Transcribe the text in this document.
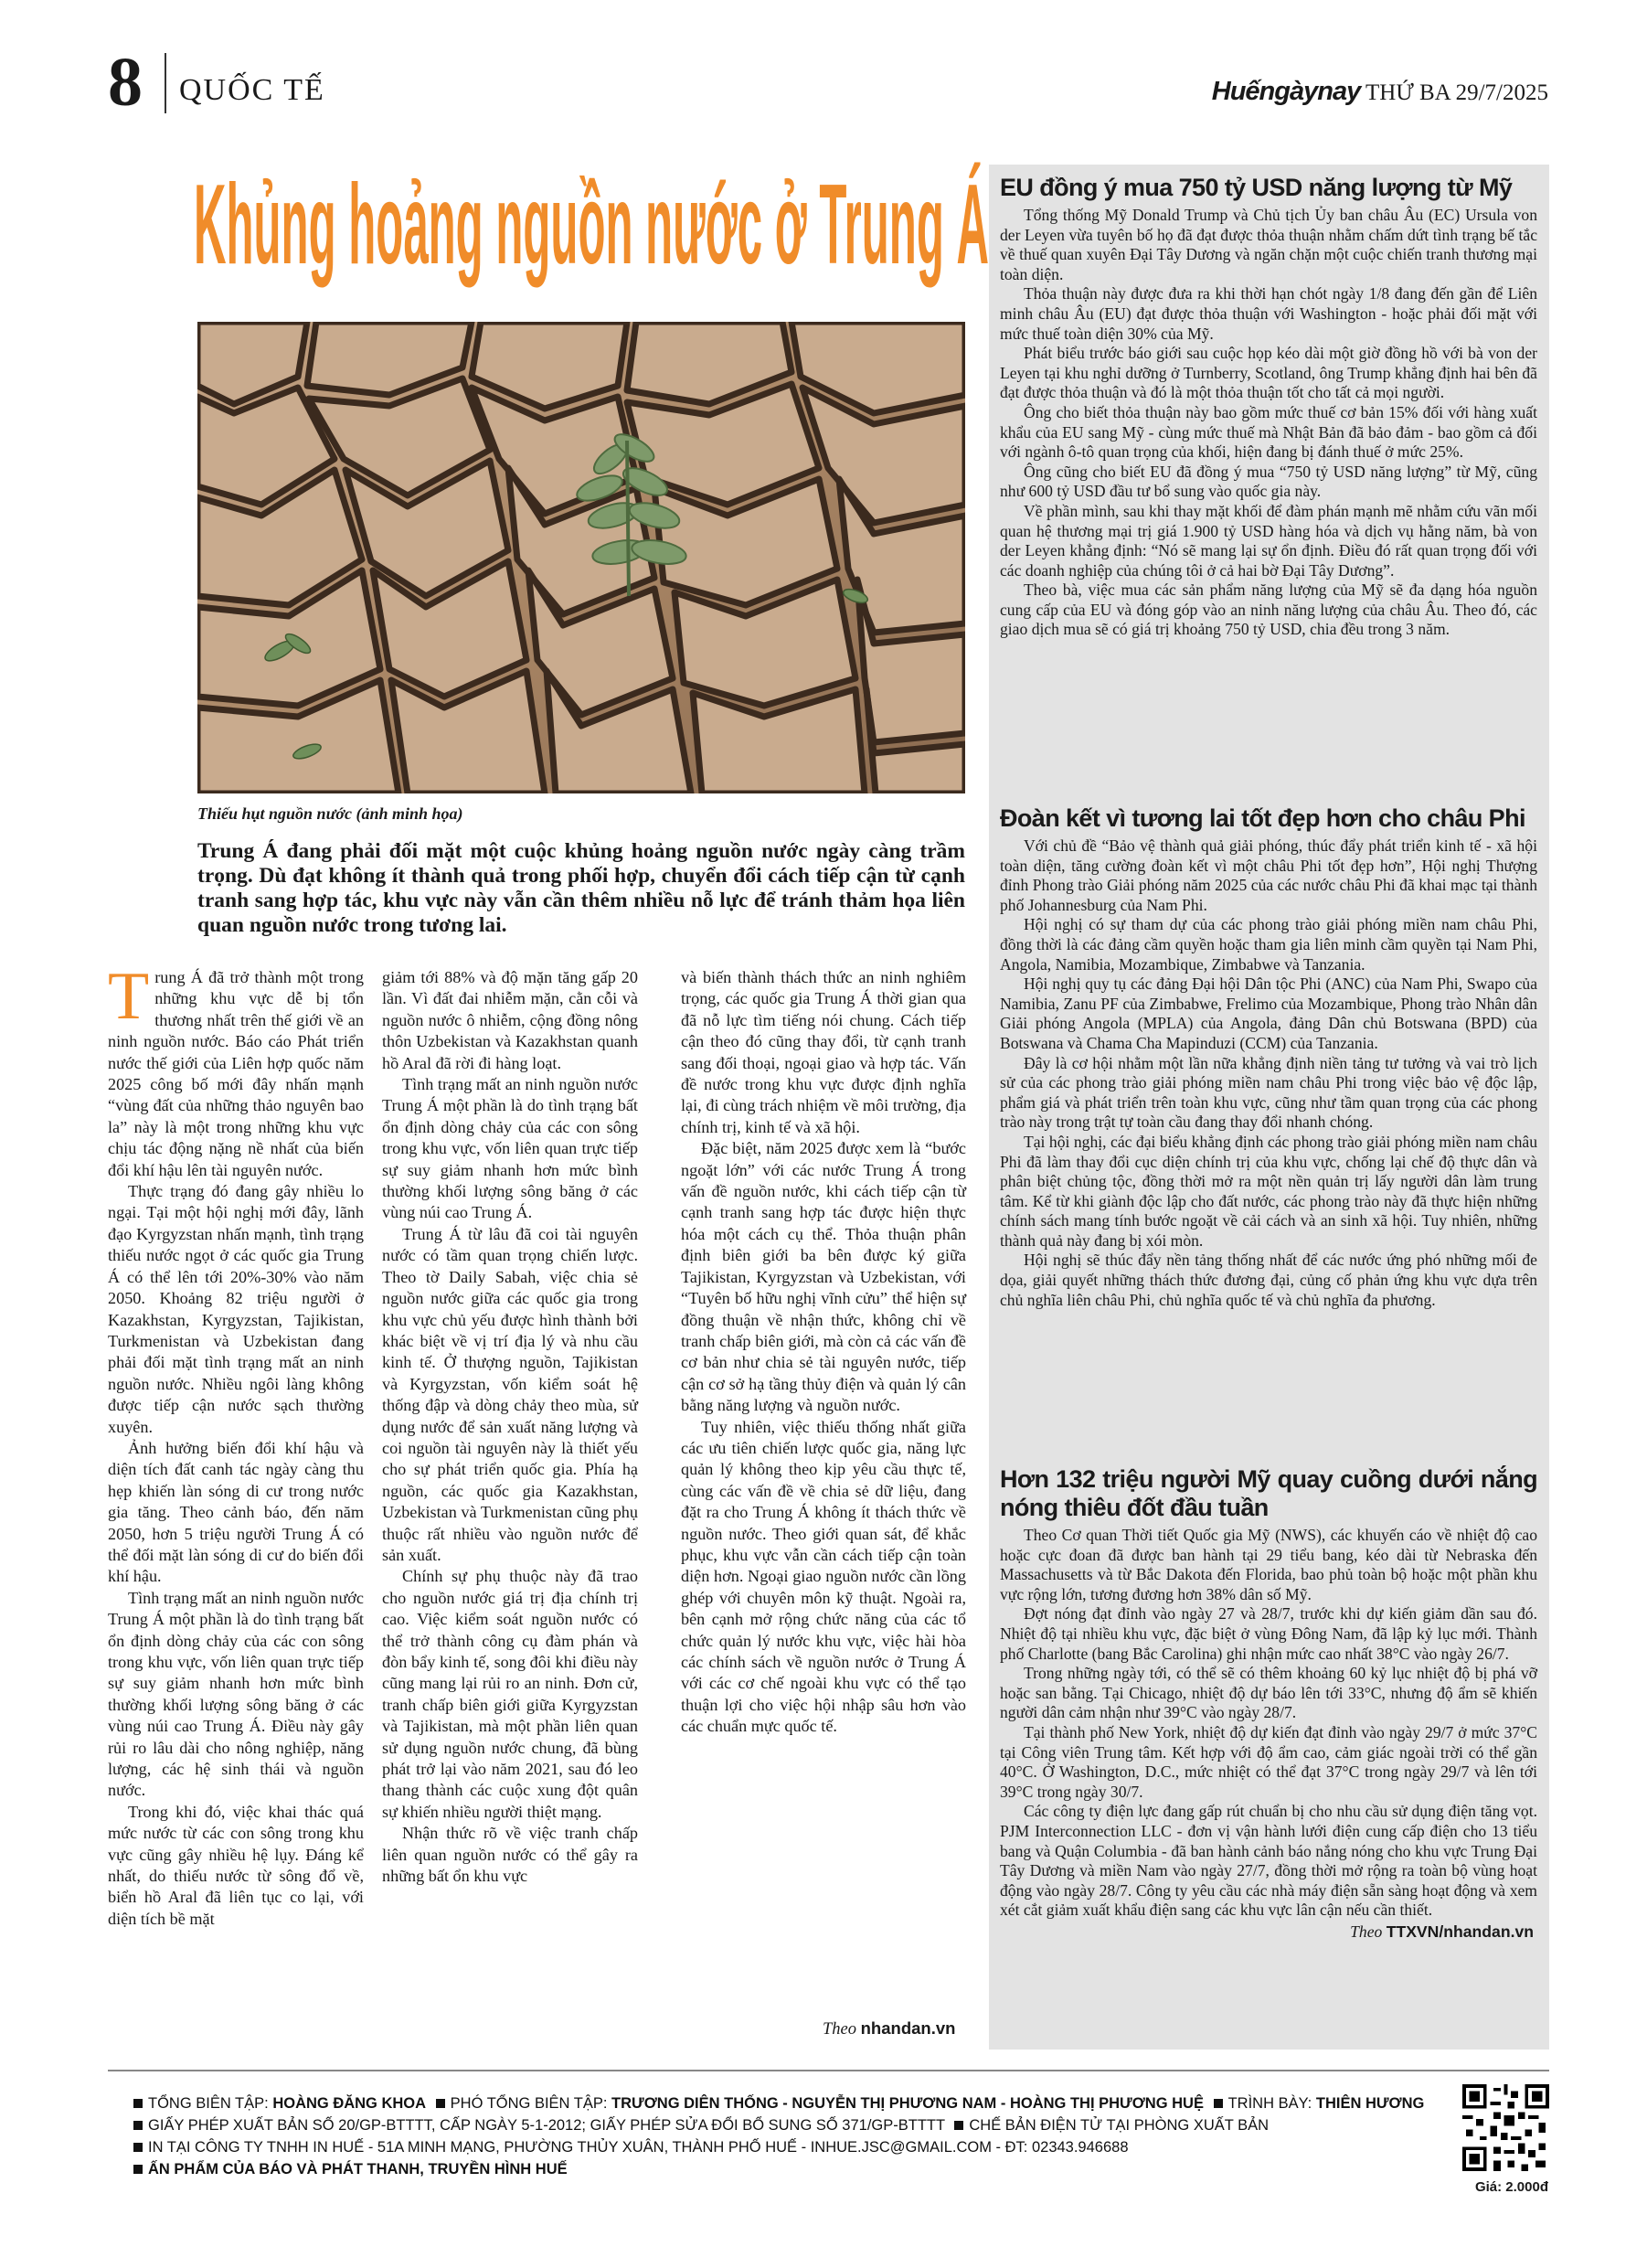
8 QUỐC TẾ	Huếngàynay THỨ BA 29/7/2025
Khủng hoảng nguồn nước ở Trung Á
Thiếu hụt nguồn nước (ảnh minh họa)
Trung Á đang phải đối mặt một cuộc khủng hoảng nguồn nước ngày càng trầm trọng. Dù đạt không ít thành quả trong phối hợp, chuyển đổi cách tiếp cận từ cạnh tranh sang hợp tác, khu vực này vẫn cần thêm nhiều nỗ lực để tránh thảm họa liên quan nguồn nước trong tương lai.

Trung Á đã trở thành một trong những khu vực dễ bị tổn thương nhất trên thế giới về an ninh nguồn nước. Báo cáo Phát triển nước thế giới của Liên hợp quốc năm 2025 công bố mới đây nhấn mạnh “vùng đất của những thảo nguyên bao la” này là một trong những khu vực chịu tác động nặng nề nhất của biến đổi khí hậu lên tài nguyên nước.

Thực trạng đó đang gây nhiều lo ngại. Tại một hội nghị mới đây, lãnh đạo Kyrgyzstan nhấn mạnh, tình trạng thiếu nước ngọt ở các quốc gia Trung Á có thể lên tới 20%-30% vào năm 2050. Khoảng 82 triệu người ở Kazakhstan, Kyrgyzstan, Tajikistan, Turkmenistan và Uzbekistan đang phải đối mặt tình trạng mất an ninh nguồn nước. Nhiều ngôi làng không được tiếp cận nước sạch thường xuyên.

Ảnh hưởng biến đổi khí hậu và diện tích đất canh tác ngày càng thu hẹp khiến làn sóng di cư trong nước gia tăng. Theo cảnh báo, đến năm 2050, hơn 5 triệu người Trung Á có thể đối mặt làn sóng di cư do biến đổi khí hậu.

Tình trạng mất an ninh nguồn nước Trung Á một phần là do tình trạng bất ổn định dòng chảy của các con sông trong khu vực, vốn liên quan trực tiếp sự suy giảm nhanh hơn mức bình thường khối lượng sông băng ở các vùng núi cao Trung Á. Điều này gây rủi ro lâu dài cho nông nghiệp, năng lượng, các hệ sinh thái và nguồn nước.

Trong khi đó, việc khai thác quá mức nước từ các con sông trong khu vực cũng gây nhiều hệ lụy. Đáng kể nhất, do thiếu nước từ sông đổ về, biển hồ Aral đã liên tục co lại, với diện tích bề mặt

giảm tới 88% và độ mặn tăng gấp 20 lần. Vì đất đai nhiễm mặn, cằn cỗi và nguồn nước ô nhiễm, cộng đồng nông thôn Uzbekistan và Kazakhstan quanh hồ Aral đã rời đi hàng loạt.

Tình trạng mất an ninh nguồn nước Trung Á một phần là do tình trạng bất ổn định dòng chảy của các con sông trong khu vực, vốn liên quan trực tiếp sự suy giảm nhanh hơn mức bình thường khối lượng sông băng ở các vùng núi cao Trung Á.

Trung Á từ lâu đã coi tài nguyên nước có tầm quan trọng chiến lược. Theo tờ Daily Sabah, việc chia sẻ nguồn nước giữa các quốc gia trong khu vực chủ yếu được hình thành bởi khác biệt về vị trí địa lý và nhu cầu kinh tế. Ở thượng nguồn, Tajikistan và Kyrgyzstan, vốn kiểm soát hệ thống đập và dòng chảy theo mùa, sử dụng nước để sản xuất năng lượng và coi nguồn tài nguyên này là thiết yếu cho sự phát triển quốc gia. Phía hạ nguồn, các quốc gia Kazakhstan, Uzbekistan và Turkmenistan cũng phụ thuộc rất nhiều vào nguồn nước để sản xuất.

Chính sự phụ thuộc này đã trao cho nguồn nước giá trị địa chính trị cao. Việc kiểm soát nguồn nước có thể trở thành công cụ đàm phán và đòn bẩy kinh tế, song đôi khi điều này cũng mang lại rủi ro an ninh. Đơn cử, tranh chấp biên giới giữa Kyrgyzstan và Tajikistan, mà một phần liên quan sử dụng nguồn nước chung, đã bùng phát trở lại vào năm 2021, sau đó leo thang thành các cuộc xung đột quân sự khiến nhiều người thiệt mạng.

Nhận thức rõ về việc tranh chấp liên quan nguồn nước có thể gây ra những bất ổn khu vực

và biến thành thách thức an ninh nghiêm trọng, các quốc gia Trung Á thời gian qua đã nỗ lực tìm tiếng nói chung. Cách tiếp cận theo đó cũng thay đổi, từ cạnh tranh sang đối thoại, ngoại giao và hợp tác. Vấn đề nước trong khu vực được định nghĩa lại, đi cùng trách nhiệm về môi trường, địa chính trị, kinh tế và xã hội.

Đặc biệt, năm 2025 được xem là “bước ngoặt lớn” với các nước Trung Á trong vấn đề nguồn nước, khi cách tiếp cận từ cạnh tranh sang hợp tác được hiện thực hóa một cách cụ thể. Thỏa thuận phân định biên giới ba bên được ký giữa Tajikistan, Kyrgyzstan và Uzbekistan, với “Tuyên bố hữu nghị vĩnh cửu” thể hiện sự đồng thuận về nhận thức, không chỉ về tranh chấp biên giới, mà còn cả các vấn đề cơ bản như chia sẻ tài nguyên nước, tiếp cận cơ sở hạ tầng thủy điện và quản lý cân bằng năng lượng và nguồn nước.

Tuy nhiên, việc thiếu thống nhất giữa các ưu tiên chiến lược quốc gia, năng lực quản lý không theo kịp yêu cầu thực tế, cùng các vấn đề về chia sẻ dữ liệu, đang đặt ra cho Trung Á không ít thách thức về nguồn nước. Theo giới quan sát, để khắc phục, khu vực vẫn cần cách tiếp cận toàn diện hơn. Ngoại giao nguồn nước cần lồng ghép với chuyên môn kỹ thuật. Ngoài ra, bên cạnh mở rộng chức năng của các tổ chức quản lý nước khu vực, việc hài hòa các chính sách về nguồn nước ở Trung Á với các cơ chế ngoài khu vực có thể tạo thuận lợi cho việc hội nhập sâu hơn vào các chuẩn mực quốc tế.

Theo nhandan.vn
EU đồng ý mua 750 tỷ USD năng lượng từ Mỹ

Tổng thống Mỹ Donald Trump và Chủ tịch Ủy ban châu Âu (EC) Ursula von der Leyen vừa tuyên bố họ đã đạt được thỏa thuận nhằm chấm dứt tình trạng bế tắc về thuế quan xuyên Đại Tây Dương và ngăn chặn một cuộc chiến tranh thương mại toàn diện.

Thỏa thuận này được đưa ra khi thời hạn chót ngày 1/8 đang đến gần để Liên minh châu Âu (EU) đạt được thỏa thuận với Washington - hoặc phải đối mặt với mức thuế toàn diện 30% của Mỹ.

Phát biểu trước báo giới sau cuộc họp kéo dài một giờ đồng hồ với bà von der Leyen tại khu nghỉ dưỡng ở Turnberry, Scotland, ông Trump khẳng định hai bên đã đạt được thỏa thuận và đó là một thỏa thuận tốt cho tất cả mọi người.

Ông cho biết thỏa thuận này bao gồm mức thuế cơ bản 15% đối với hàng xuất khẩu của EU sang Mỹ - cùng mức thuế mà Nhật Bản đã bảo đảm - bao gồm cả đối với ngành ô-tô quan trọng của khối, hiện đang bị đánh thuế ở mức 25%.

Ông cũng cho biết EU đã đồng ý mua “750 tỷ USD năng lượng” từ Mỹ, cũng như 600 tỷ USD đầu tư bổ sung vào quốc gia này.

Về phần mình, sau khi thay mặt khối để đàm phán mạnh mẽ nhằm cứu vãn mối quan hệ thương mại trị giá 1.900 tỷ USD hàng hóa và dịch vụ hằng năm, bà von der Leyen khẳng định: “Nó sẽ mang lại sự ổn định. Điều đó rất quan trọng đối với các doanh nghiệp của chúng tôi ở cả hai bờ Đại Tây Dương”.

Theo bà, việc mua các sản phẩm năng lượng của Mỹ sẽ đa dạng hóa nguồn cung cấp của EU và đóng góp vào an ninh năng lượng của châu Âu. Theo đó, các giao dịch mua sẽ có giá trị khoảng 750 tỷ USD, chia đều trong 3 năm.

Đoàn kết vì tương lai tốt đẹp hơn cho châu Phi

Với chủ đề “Bảo vệ thành quả giải phóng, thúc đẩy phát triển kinh tế - xã hội toàn diện, tăng cường đoàn kết vì một châu Phi tốt đẹp hơn”, Hội nghị Thượng đỉnh Phong trào Giải phóng năm 2025 của các nước châu Phi đã khai mạc tại thành phố Johannesburg của Nam Phi.

Hội nghị có sự tham dự của các phong trào giải phóng miền nam châu Phi, đồng thời là các đảng cầm quyền hoặc tham gia liên minh cầm quyền tại Nam Phi, Angola, Namibia, Mozambique, Zimbabwe và Tanzania.

Hội nghị quy tụ các đảng Đại hội Dân tộc Phi (ANC) của Nam Phi, Swapo của Namibia, Zanu PF của Zimbabwe, Frelimo của Mozambique, Phong trào Nhân dân Giải phóng Angola (MPLA) của Angola, đảng Dân chủ Botswana (BPD) của Botswana và Chama Cha Mapinduzi (CCM) của Tanzania.

Đây là cơ hội nhằm một lần nữa khẳng định niền tảng tư tưởng và vai trò lịch sử của các phong trào giải phóng miền nam châu Phi trong việc bảo vệ độc lập, phẩm giá và phát triển trên toàn khu vực, cũng như tầm quan trọng của các phong trào này trong trật tự toàn cầu đang thay đổi nhanh chóng.

Tại hội nghị, các đại biểu khẳng định các phong trào giải phóng miền nam châu Phi đã làm thay đổi cục diện chính trị của khu vực, chống lại chế độ thực dân và phân biệt chủng tộc, đồng thời mở ra một nền quản trị lấy người dân làm trung tâm. Kể từ khi giành độc lập cho đất nước, các phong trào này đã thực hiện những chính sách mang tính bước ngoặt về cải cách và an sinh xã hội. Tuy nhiên, những thành quả này đang bị xói mòn.

Hội nghị sẽ thúc đẩy nền tảng thống nhất để các nước ứng phó những mối đe dọa, giải quyết những thách thức đương đại, củng cố phản ứng khu vực dựa trên chủ nghĩa liên châu Phi, chủ nghĩa quốc tế và chủ nghĩa đa phương.

Hơn 132 triệu người Mỹ quay cuồng dưới nắng nóng thiêu đốt đầu tuần

Theo Cơ quan Thời tiết Quốc gia Mỹ (NWS), các khuyến cáo về nhiệt độ cao hoặc cực đoan đã được ban hành tại 29 tiểu bang, kéo dài từ Nebraska đến Massachusetts và từ Bắc Dakota đến Florida, bao phủ toàn bộ hoặc một phần khu vực rộng lớn, tương đương hơn 38% dân số Mỹ.

Đợt nóng đạt đỉnh vào ngày 27 và 28/7, trước khi dự kiến giảm dần sau đó. Nhiệt độ tại nhiều khu vực, đặc biệt ở vùng Đông Nam, đã lập kỷ lục mới. Thành phố Charlotte (bang Bắc Carolina) ghi nhận mức cao nhất 38°C vào ngày 26/7.

Trong những ngày tới, có thể sẽ có thêm khoảng 60 kỷ lục nhiệt độ bị phá vỡ hoặc san bằng. Tại Chicago, nhiệt độ dự báo lên tới 33°C, nhưng độ ẩm sẽ khiến người dân cảm nhận như 39°C vào ngày 28/7.

Tại thành phố New York, nhiệt độ dự kiến đạt đỉnh vào ngày 29/7 ở mức 37°C tại Công viên Trung tâm. Kết hợp với độ ẩm cao, cảm giác ngoài trời có thể gần 40°C. Ở Washington, D.C., mức nhiệt có thể đạt 37°C trong ngày 29/7 và lên tới 39°C trong ngày 30/7.

Các công ty điện lực đang gấp rút chuẩn bị cho nhu cầu sử dụng điện tăng vọt. PJM Interconnection LLC - đơn vị vận hành lưới điện cung cấp điện cho 13 tiểu bang và Quận Columbia - đã ban hành cảnh báo nắng nóng cho khu vực Trung Đại Tây Dương và miền Nam vào ngày 27/7, đồng thời mở rộng ra toàn bộ vùng hoạt động vào ngày 28/7. Công ty yêu cầu các nhà máy điện sẵn sàng hoạt động và xem xét cắt giảm xuất khẩu điện sang các khu vực lân cận nếu cần thiết.

Theo TTXVN/nhandan.vn
TỔNG BIÊN TẬP: HOÀNG ĐĂNG KHOA PHÓ TỔNG BIÊN TẬP: TRƯƠNG DIÊN THỐNG - NGUYỄN THỊ PHƯƠNG NAM - HOÀNG THỊ PHƯƠNG HUỆ TRÌNH BÀY: THIÊN HƯƠNG
GIẤY PHÉP XUẤT BẢN SỐ 20/GP-BTTTT, CẤP NGÀY 5-1-2012; GIẤY PHÉP SỬA ĐỔI BỔ SUNG SỐ 371/GP-BTTTT CHẾ BẢN ĐIỆN TỬ TẠI PHÒNG XUẤT BẢN
IN TẠI CÔNG TY TNHH IN HUẾ - 51A MINH MẠNG, PHƯỜNG THỦY XUÂN, THÀNH PHỐ HUẾ - INHUE.JSC@GMAIL.COM - ĐT: 02343.946688
ẤN PHẨM CỦA BÁO VÀ PHÁT THANH, TRUYỀN HÌNH HUẾ
Giá: 2.000đ
